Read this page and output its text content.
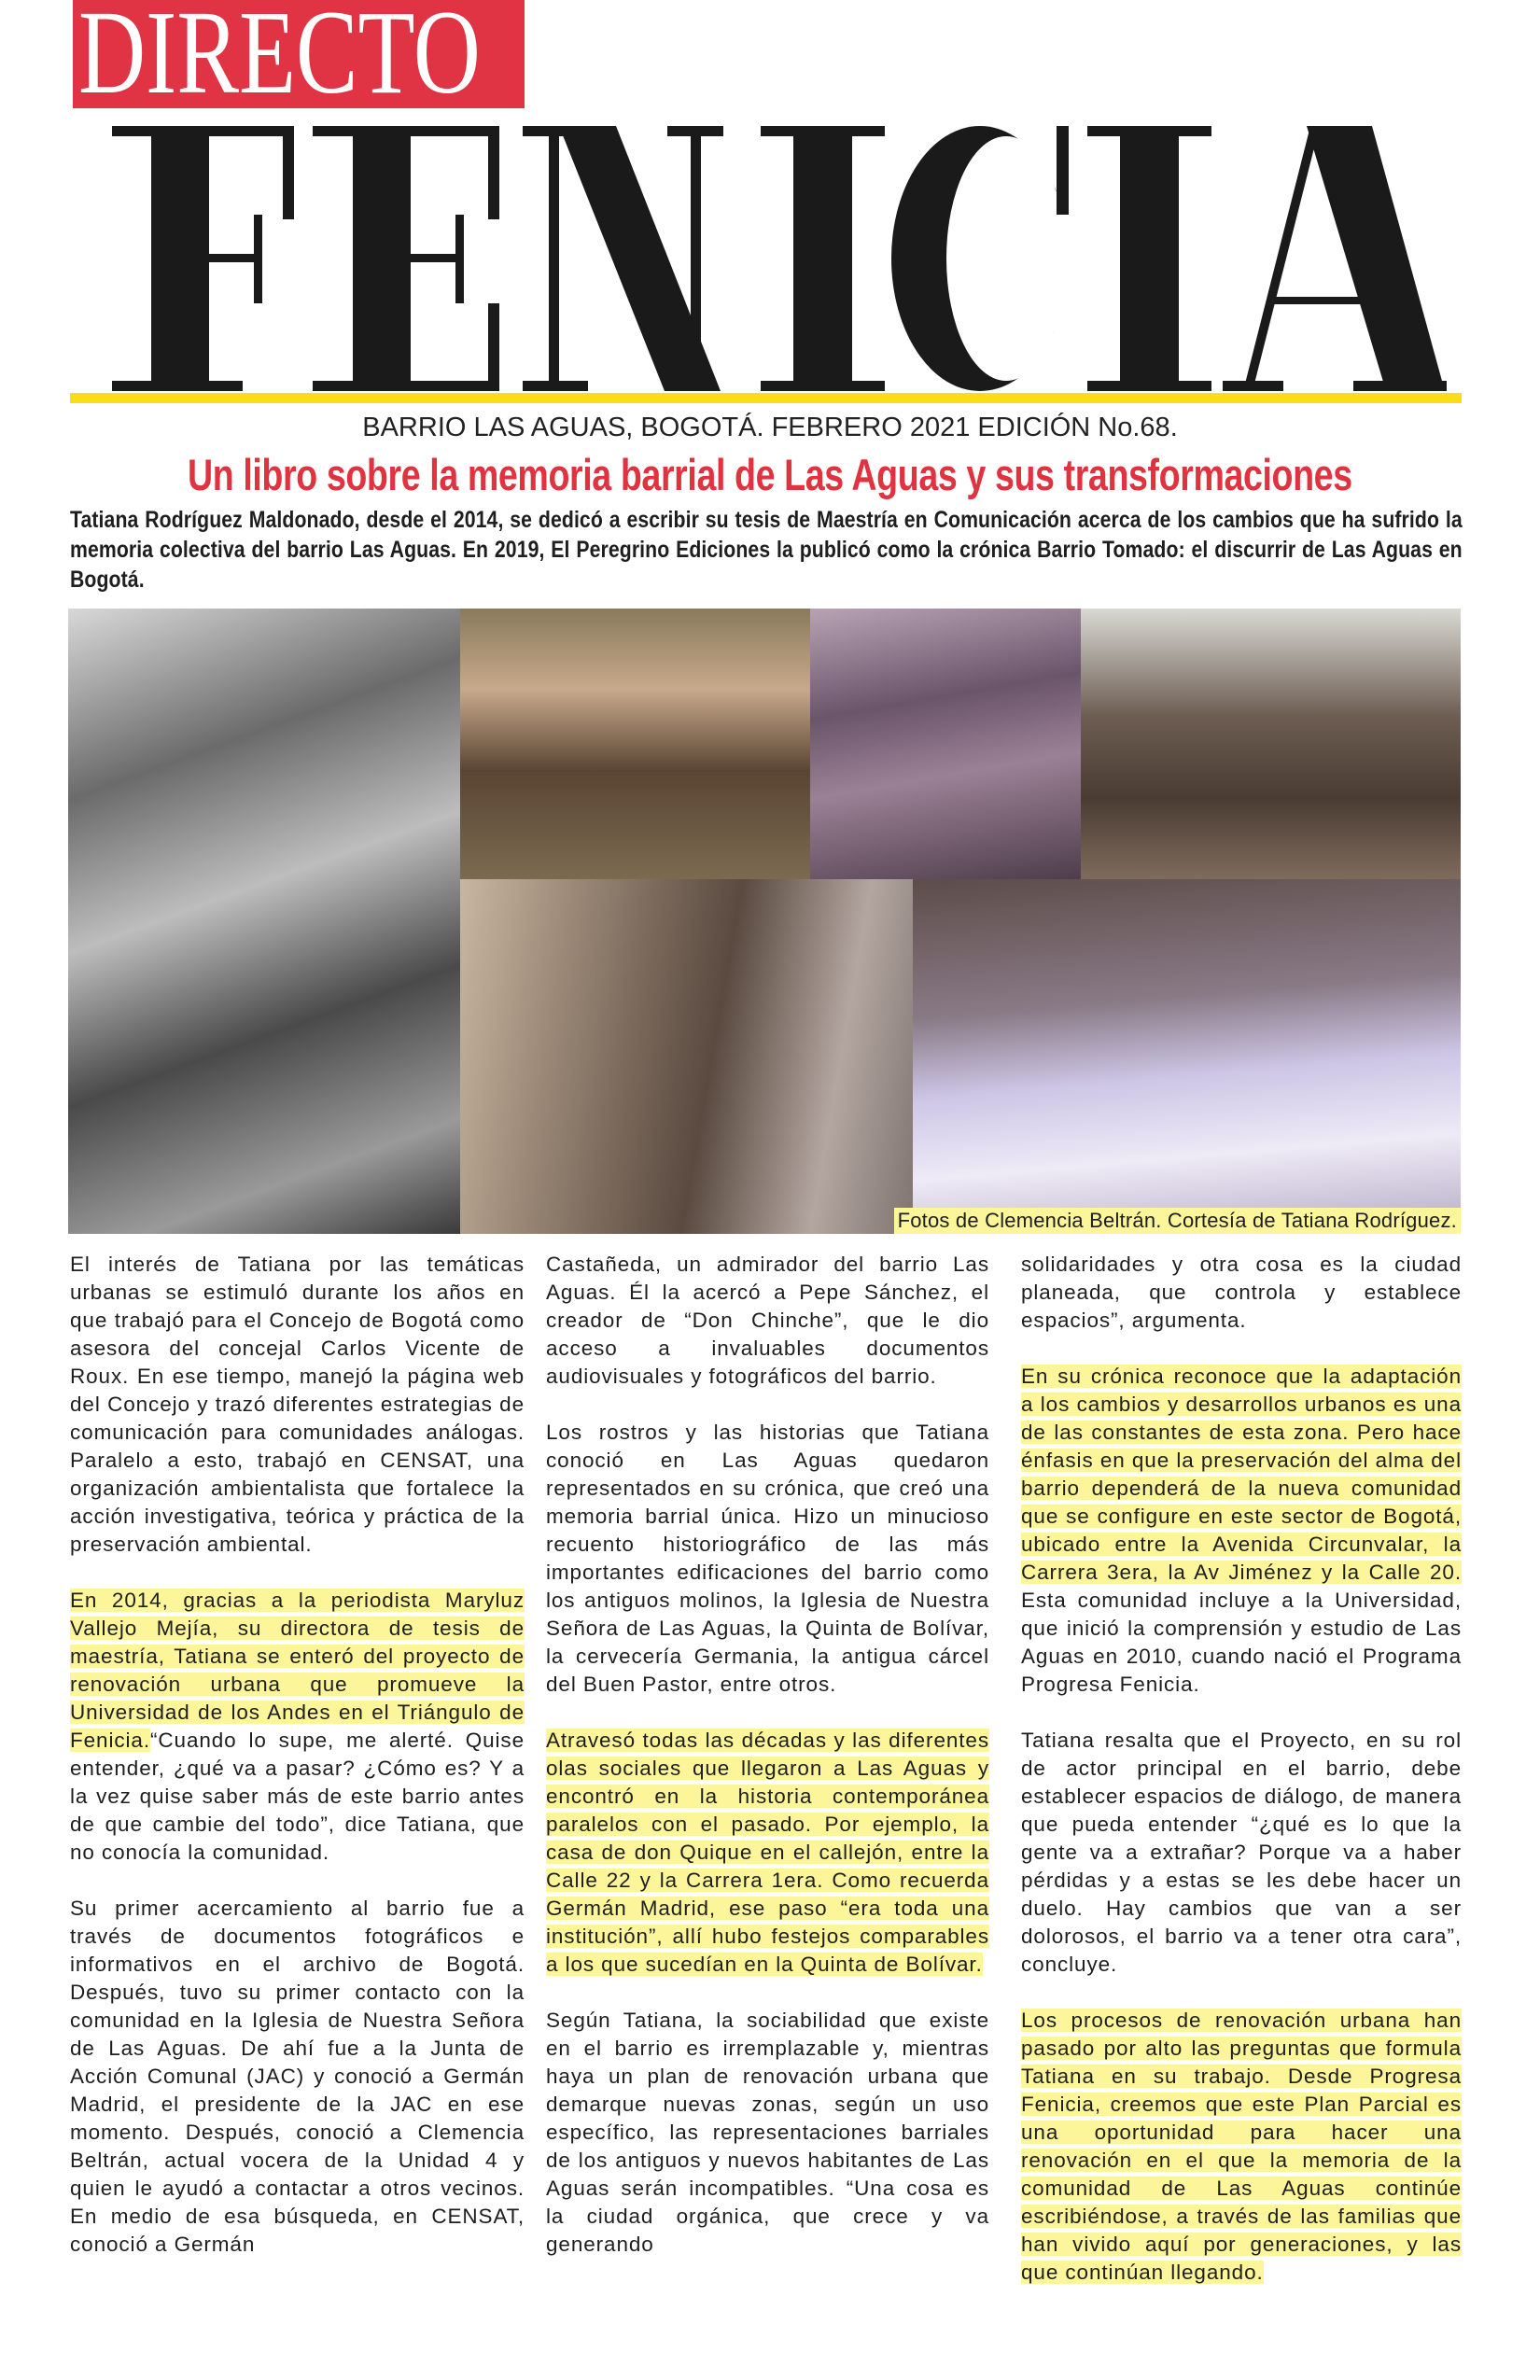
DIRECTO
BARRIO LAS AGUAS, BOGOTÁ. FEBRERO 2021 EDICIÓN No.68.
Un libro sobre la memoria barrial de Las Aguas y sus transformaciones

Tatiana Rodríguez Maldonado, desde el 2014, se dedicó a escribir su tesis de Maestría en Comunicación acerca de los cambios que ha sufrido la memoria colectiva del barrio Las Aguas. En 2019, El Peregrino Ediciones la publicó como la crónica Barrio Tomado: el discurrir de Las Aguas en Bogotá.

Fotos de Clemencia Beltrán. Cortesía de Tatiana Rodríguez.

El interés de Tatiana por las temáticas urbanas se estimuló durante los años en que trabajó para el Concejo de Bogotá como asesora del concejal Carlos Vicente de Roux. En ese tiempo, manejó la página web del Concejo y trazó diferentes estrategias de comunicación para comunidades análogas. Paralelo a esto, trabajó en CENSAT, una organización ambientalista que fortalece la acción investigativa, teórica y práctica de la preservación ambiental.

En 2014, gracias a la periodista Maryluz Vallejo Mejía, su directora de tesis de maestría, Tatiana se enteró del proyecto de renovación urbana que promueve la Universidad de los Andes en el Triángulo de Fenicia.“Cuando lo supe, me alerté. Quise entender, ¿qué va a pasar? ¿Cómo es? Y a la vez quise saber más de este barrio antes de que cambie del todo”, dice Tatiana, que no conocía la comunidad.

Su primer acercamiento al barrio fue a través de documentos fotográficos e informativos en el archivo de Bogotá. Después, tuvo su primer contacto con la comunidad en la Iglesia de Nuestra Señora de Las Aguas. De ahí fue a la Junta de Acción Comunal (JAC) y conoció a Germán Madrid, el presidente de la JAC en ese momento. Después, conoció a Clemencia Beltrán, actual vocera de la Unidad 4 y quien le ayudó a contactar a otros vecinos. En medio de esa búsqueda, en CENSAT, conoció a Germán

Castañeda, un admirador del barrio Las Aguas. Él la acercó a Pepe Sánchez, el creador de “Don Chinche”, que le dio acceso a invaluables documentos audiovisuales y fotográficos del barrio.

Los rostros y las historias que Tatiana conoció en Las Aguas quedaron representados en su crónica, que creó una memoria barrial única. Hizo un minucioso recuento historiográfico de las más importantes edificaciones del barrio como los antiguos molinos, la Iglesia de Nuestra Señora de Las Aguas, la Quinta de Bolívar, la cervecería Germania, la antigua cárcel del Buen Pastor, entre otros.

Atravesó todas las décadas y las diferentes olas sociales que llegaron a Las Aguas y encontró en la historia contemporánea paralelos con el pasado. Por ejemplo, la casa de don Quique en el callejón, entre la Calle 22 y la Carrera 1era. Como recuerda Germán Madrid, ese paso “era toda una institución”, allí hubo festejos comparables a los que sucedían en la Quinta de Bolívar.

Según Tatiana, la sociabilidad que existe en el barrio es irremplazable y, mientras haya un plan de renovación urbana que demarque nuevas zonas, según un uso específico, las representaciones barriales de los antiguos y nuevos habitantes de Las Aguas serán incompatibles. “Una cosa es la ciudad orgánica, que crece y va generando

solidaridades y otra cosa es la ciudad planeada, que controla y establece espacios”, argumenta.

En su crónica reconoce que la adaptación a los cambios y desarrollos urbanos es una de las constantes de esta zona. Pero hace énfasis en que la preservación del alma del barrio dependerá de la nueva comunidad que se configure en este sector de Bogotá, ubicado entre la Avenida Circunvalar, la Carrera 3era, la Av Jiménez y la Calle 20. Esta comunidad incluye a la Universidad, que inició la comprensión y estudio de Las Aguas en 2010, cuando nació el Programa Progresa Fenicia.

Tatiana resalta que el Proyecto, en su rol de actor principal en el barrio, debe establecer espacios de diálogo, de manera que pueda entender “¿qué es lo que la gente va a extrañar? Porque va a haber pérdidas y a estas se les debe hacer un duelo. Hay cambios que van a ser dolorosos, el barrio va a tener otra cara”, concluye.

Los procesos de renovación urbana han pasado por alto las preguntas que formula Tatiana en su trabajo. Desde Progresa Fenicia, creemos que este Plan Parcial es una oportunidad para hacer una renovación en el que la memoria de la comunidad de Las Aguas continúe escribiéndose, a través de las familias que han vivido aquí por generaciones, y las que continúan llegando.
